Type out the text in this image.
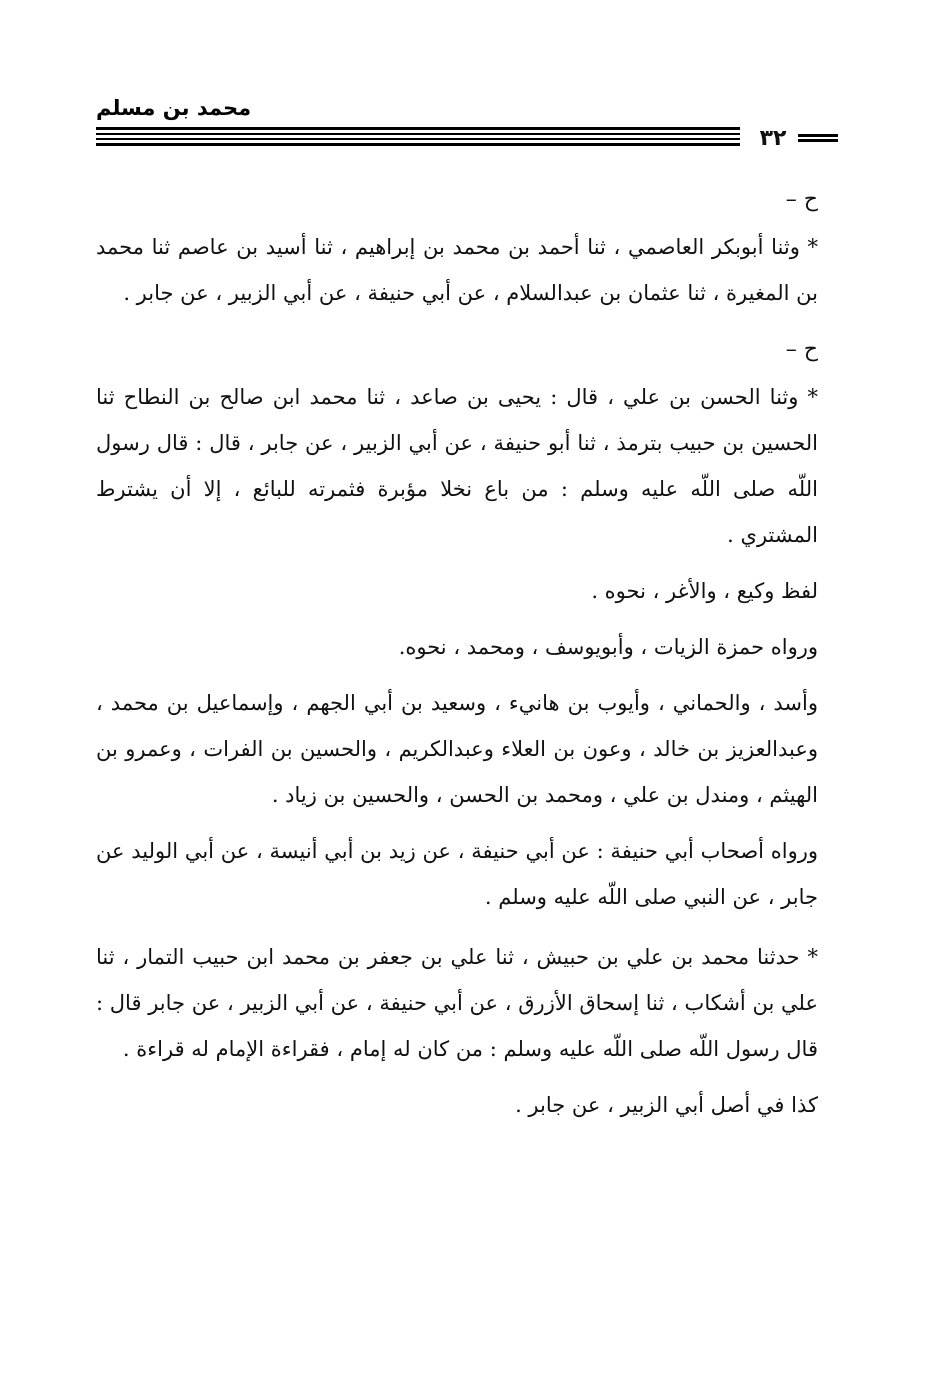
محمد بن مسلم
٣٢

ح –

* وثنا أبوبكر العاصمي ، ثنا أحمد بن محمد بن إبراهيم ، ثنا أسيد بن عاصم ثنا محمد بن المغيرة ، ثنا عثمان بن عبدالسلام ، عن أبي حنيفة ، عن أبي الزبير ، عن جابر .

ح –

* وثنا الحسن بن علي ، قال : يحيى بن صاعد ، ثنا محمد ابن صالح بن النطاح ثنا الحسين بن حبيب بترمذ ، ثنا أبو حنيفة ، عن أبي الزبير ، عن جابر ، قال : قال رسول اللّه صلى اللّه عليه وسلم : من باع نخلا مؤبرة فثمرته للبائع ، إلا أن يشترط المشتري .

لفظ وكيع ، والأغر ، نحوه .

ورواه حمزة الزيات ، وأبويوسف ، ومحمد ، نحوه.

وأسد ، والحماني ، وأيوب بن هانيء ، وسعيد بن أبي الجهم ، وإسماعيل بن محمد ، وعبدالعزيز بن خالد ، وعون بن العلاء وعبدالكريم ، والحسين بن الفرات ، وعمرو بن الهيثم ، ومندل بن علي ، ومحمد بن الحسن ، والحسين بن زياد .

ورواه أصحاب أبي حنيفة : عن أبي حنيفة ، عن زيد بن أبي أنيسة ، عن أبي الوليد عن جابر ، عن النبي صلى اللّه عليه وسلم .

* حدثنا محمد بن علي بن حبيش ، ثنا علي بن جعفر بن محمد ابن حبيب التمار ، ثنا علي بن أشكاب ، ثنا إسحاق الأزرق ، عن أبي حنيفة ، عن أبي الزبير ، عن جابر قال : قال رسول اللّه صلى اللّه عليه وسلم : من كان له إمام ، فقراءة الإمام له قراءة .

كذا في أصل أبي الزبير ، عن جابر .
